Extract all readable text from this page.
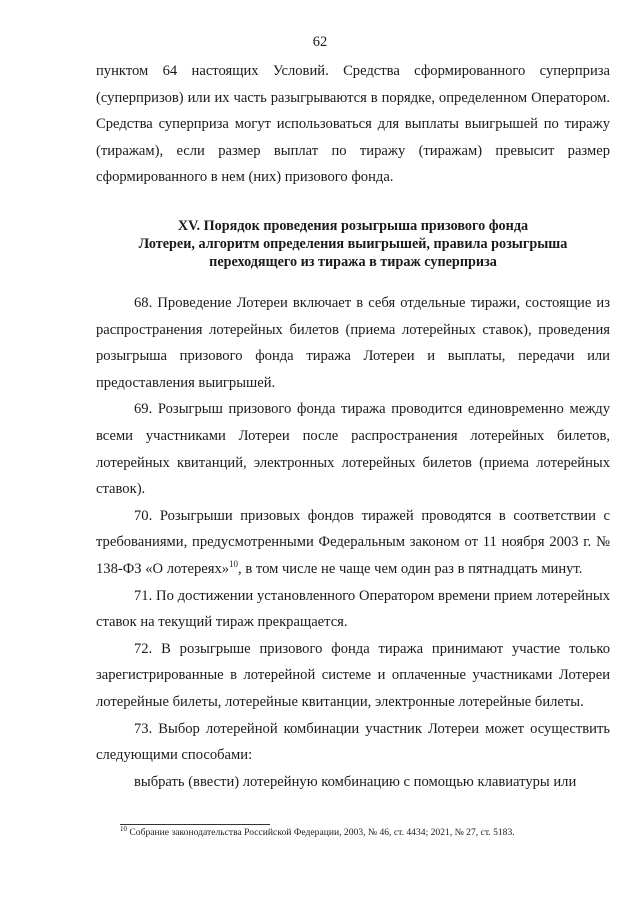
62

пунктом 64 настоящих Условий. Средства сформированного суперприза (суперпризов) или их часть разыгрываются в порядке, определенном Оператором. Средства суперприза могут использоваться для выплаты выигрышей по тиражу (тиражам), если размер выплат по тиражу (тиражам) превысит размер сформированного в нем (них) призового фонда.

XV. Порядок проведения розыгрыша призового фонда
Лотереи, алгоритм определения выигрышей, правила розыгрыша
переходящего из тиража в тираж суперприза

68. Проведение Лотереи включает в себя отдельные тиражи, состоящие из распространения лотерейных билетов (приема лотерейных ставок), проведения розыгрыша призового фонда тиража Лотереи и выплаты, передачи или предоставления выигрышей.

69. Розыгрыш призового фонда тиража проводится единовременно между всеми участниками Лотереи после распространения лотерейных билетов, лотерейных квитанций, электронных лотерейных билетов (приема лотерейных ставок).

70. Розыгрыши призовых фондов тиражей проводятся в соответствии с требованиями, предусмотренными Федеральным законом от 11 ноября 2003 г. № 138-ФЗ «О лотереях»$^{10}$, в том числе не чаще чем один раз в пятнадцать минут.

71. По достижении установленного Оператором времени прием лотерейных ставок на текущий тираж прекращается.

72. В розыгрыше призового фонда тиража принимают участие только зарегистрированные в лотерейной системе и оплаченные участниками Лотереи лотерейные билеты, лотерейные квитанции, электронные лотерейные билеты.

73. Выбор лотерейной комбинации участник Лотереи может осуществить следующими способами:

выбрать (ввести) лотерейную комбинацию с помощью клавиатуры или

$^{10}$ Собрание законодательства Российской Федерации, 2003, № 46, ст. 4434; 2021, № 27, ст. 5183.
